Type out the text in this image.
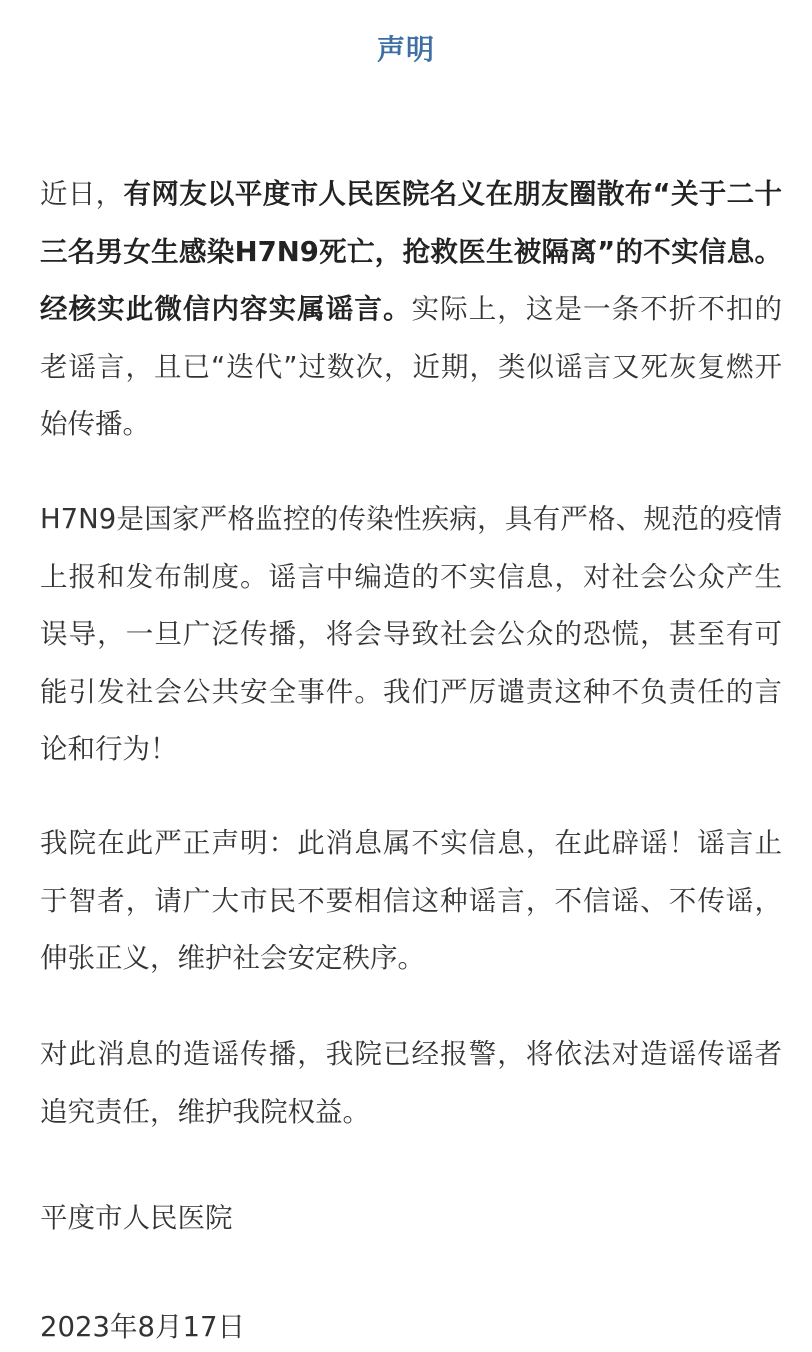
声明

近日，有网友以平度市人民医院名义在朋友圈散布“关于二十三名男女生感染H7N9死亡，抢救医生被隔离”的不实信息。经核实此微信内容实属谣言。实际上，这是一条不折不扣的老谣言，且已“迭代”过数次，近期，类似谣言又死灰复燃开始传播。

H7N9是国家严格监控的传染性疾病，具有严格、规范的疫情上报和发布制度。谣言中编造的不实信息，对社会公众产生误导，一旦广泛传播，将会导致社会公众的恐慌，甚至有可能引发社会公共安全事件。我们严厉谴责这种不负责任的言论和行为！

我院在此严正声明：此消息属不实信息，在此辟谣！谣言止于智者，请广大市民不要相信这种谣言，不信谣、不传谣，伸张正义，维护社会安定秩序。

对此消息的造谣传播，我院已经报警，将依法对造谣传谣者追究责任，维护我院权益。

平度市人民医院
2023年8月17日
